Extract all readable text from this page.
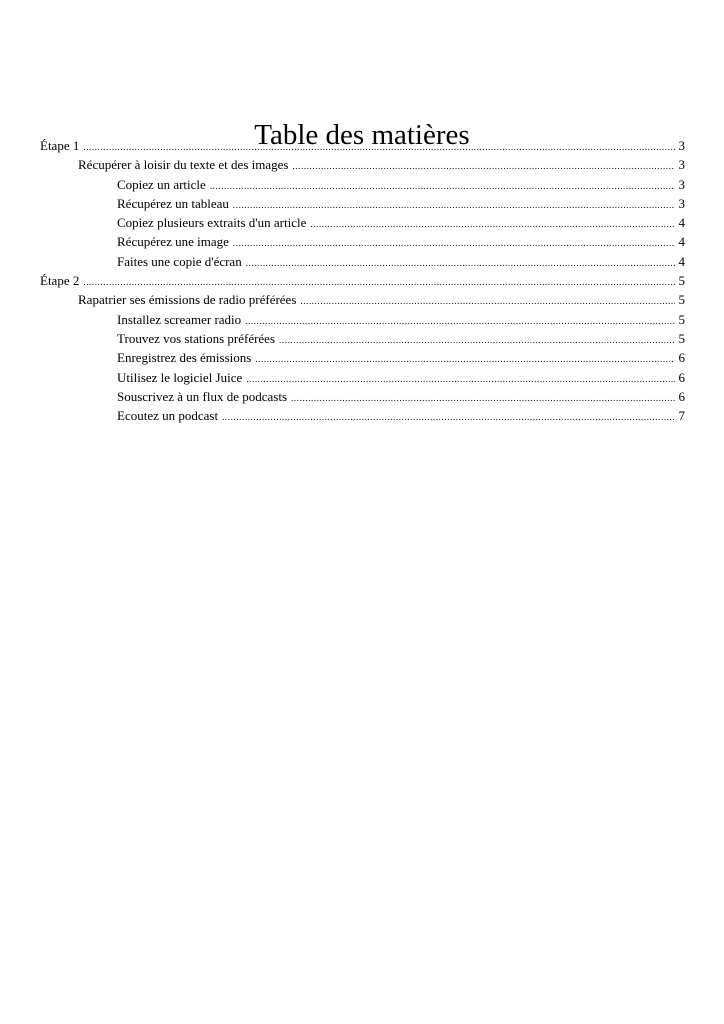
Table des matières
Étape 1 .....	3
Récupérer à loisir du texte et des images .....	3
Copiez un article .....	3
Récupérez un tableau .....	3
Copiez plusieurs extraits d'un article .....	4
Récupérez une image .....	4
Faites une copie d'écran .....	4
Étape 2 .....	5
Rapatrier ses émissions de radio préférées .....	5
Installez screamer radio .....	5
Trouvez vos stations préférées .....	5
Enregistrez des émissions .....	6
Utilisez le logiciel Juice .....	6
Souscrivez à un flux de podcasts .....	6
Ecoutez un podcast .....	7
